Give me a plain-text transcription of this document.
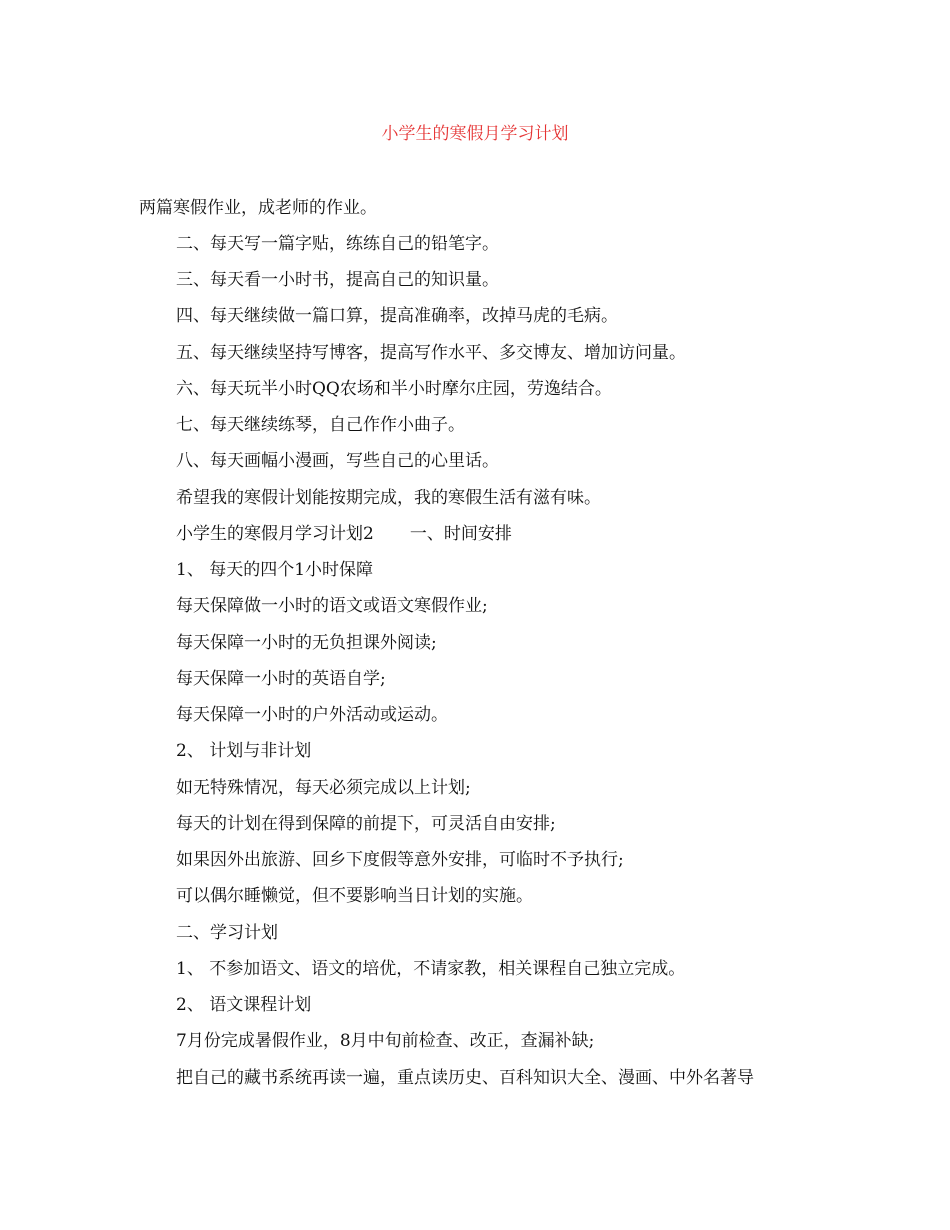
小学生的寒假月学习计划

两篇寒假作业，成老师的作业。

二、每天写一篇字贴，练练自己的铅笔字。

三、每天看一小时书，提高自己的知识量。

四、每天继续做一篇口算，提高准确率，改掉马虎的毛病。

五、每天继续坚持写博客，提高写作水平、多交博友、增加访问量。

六、每天玩半小时QQ农场和半小时摩尔庄园，劳逸结合。

七、每天继续练琴，自己作作小曲子。

八、每天画幅小漫画，写些自己的心里话。

希望我的寒假计划能按期完成，我的寒假生活有滋有味。

小学生的寒假月学习计划2 一、时间安排

1、 每天的四个1小时保障

每天保障做一小时的语文或语文寒假作业;

每天保障一小时的无负担课外阅读;

每天保障一小时的英语自学;

每天保障一小时的户外活动或运动。

2、 计划与非计划

如无特殊情况，每天必须完成以上计划;

每天的计划在得到保障的前提下，可灵活自由安排;

如果因外出旅游、回乡下度假等意外安排，可临时不予执行;

可以偶尔睡懒觉，但不要影响当日计划的实施。

二、学习计划

1、 不参加语文、语文的培优，不请家教，相关课程自己独立完成。

2、 语文课程计划

7月份完成暑假作业，8月中旬前检查、改正，查漏补缺;

把自己的藏书系统再读一遍，重点读历史、百科知识大全、漫画、中外名著导
